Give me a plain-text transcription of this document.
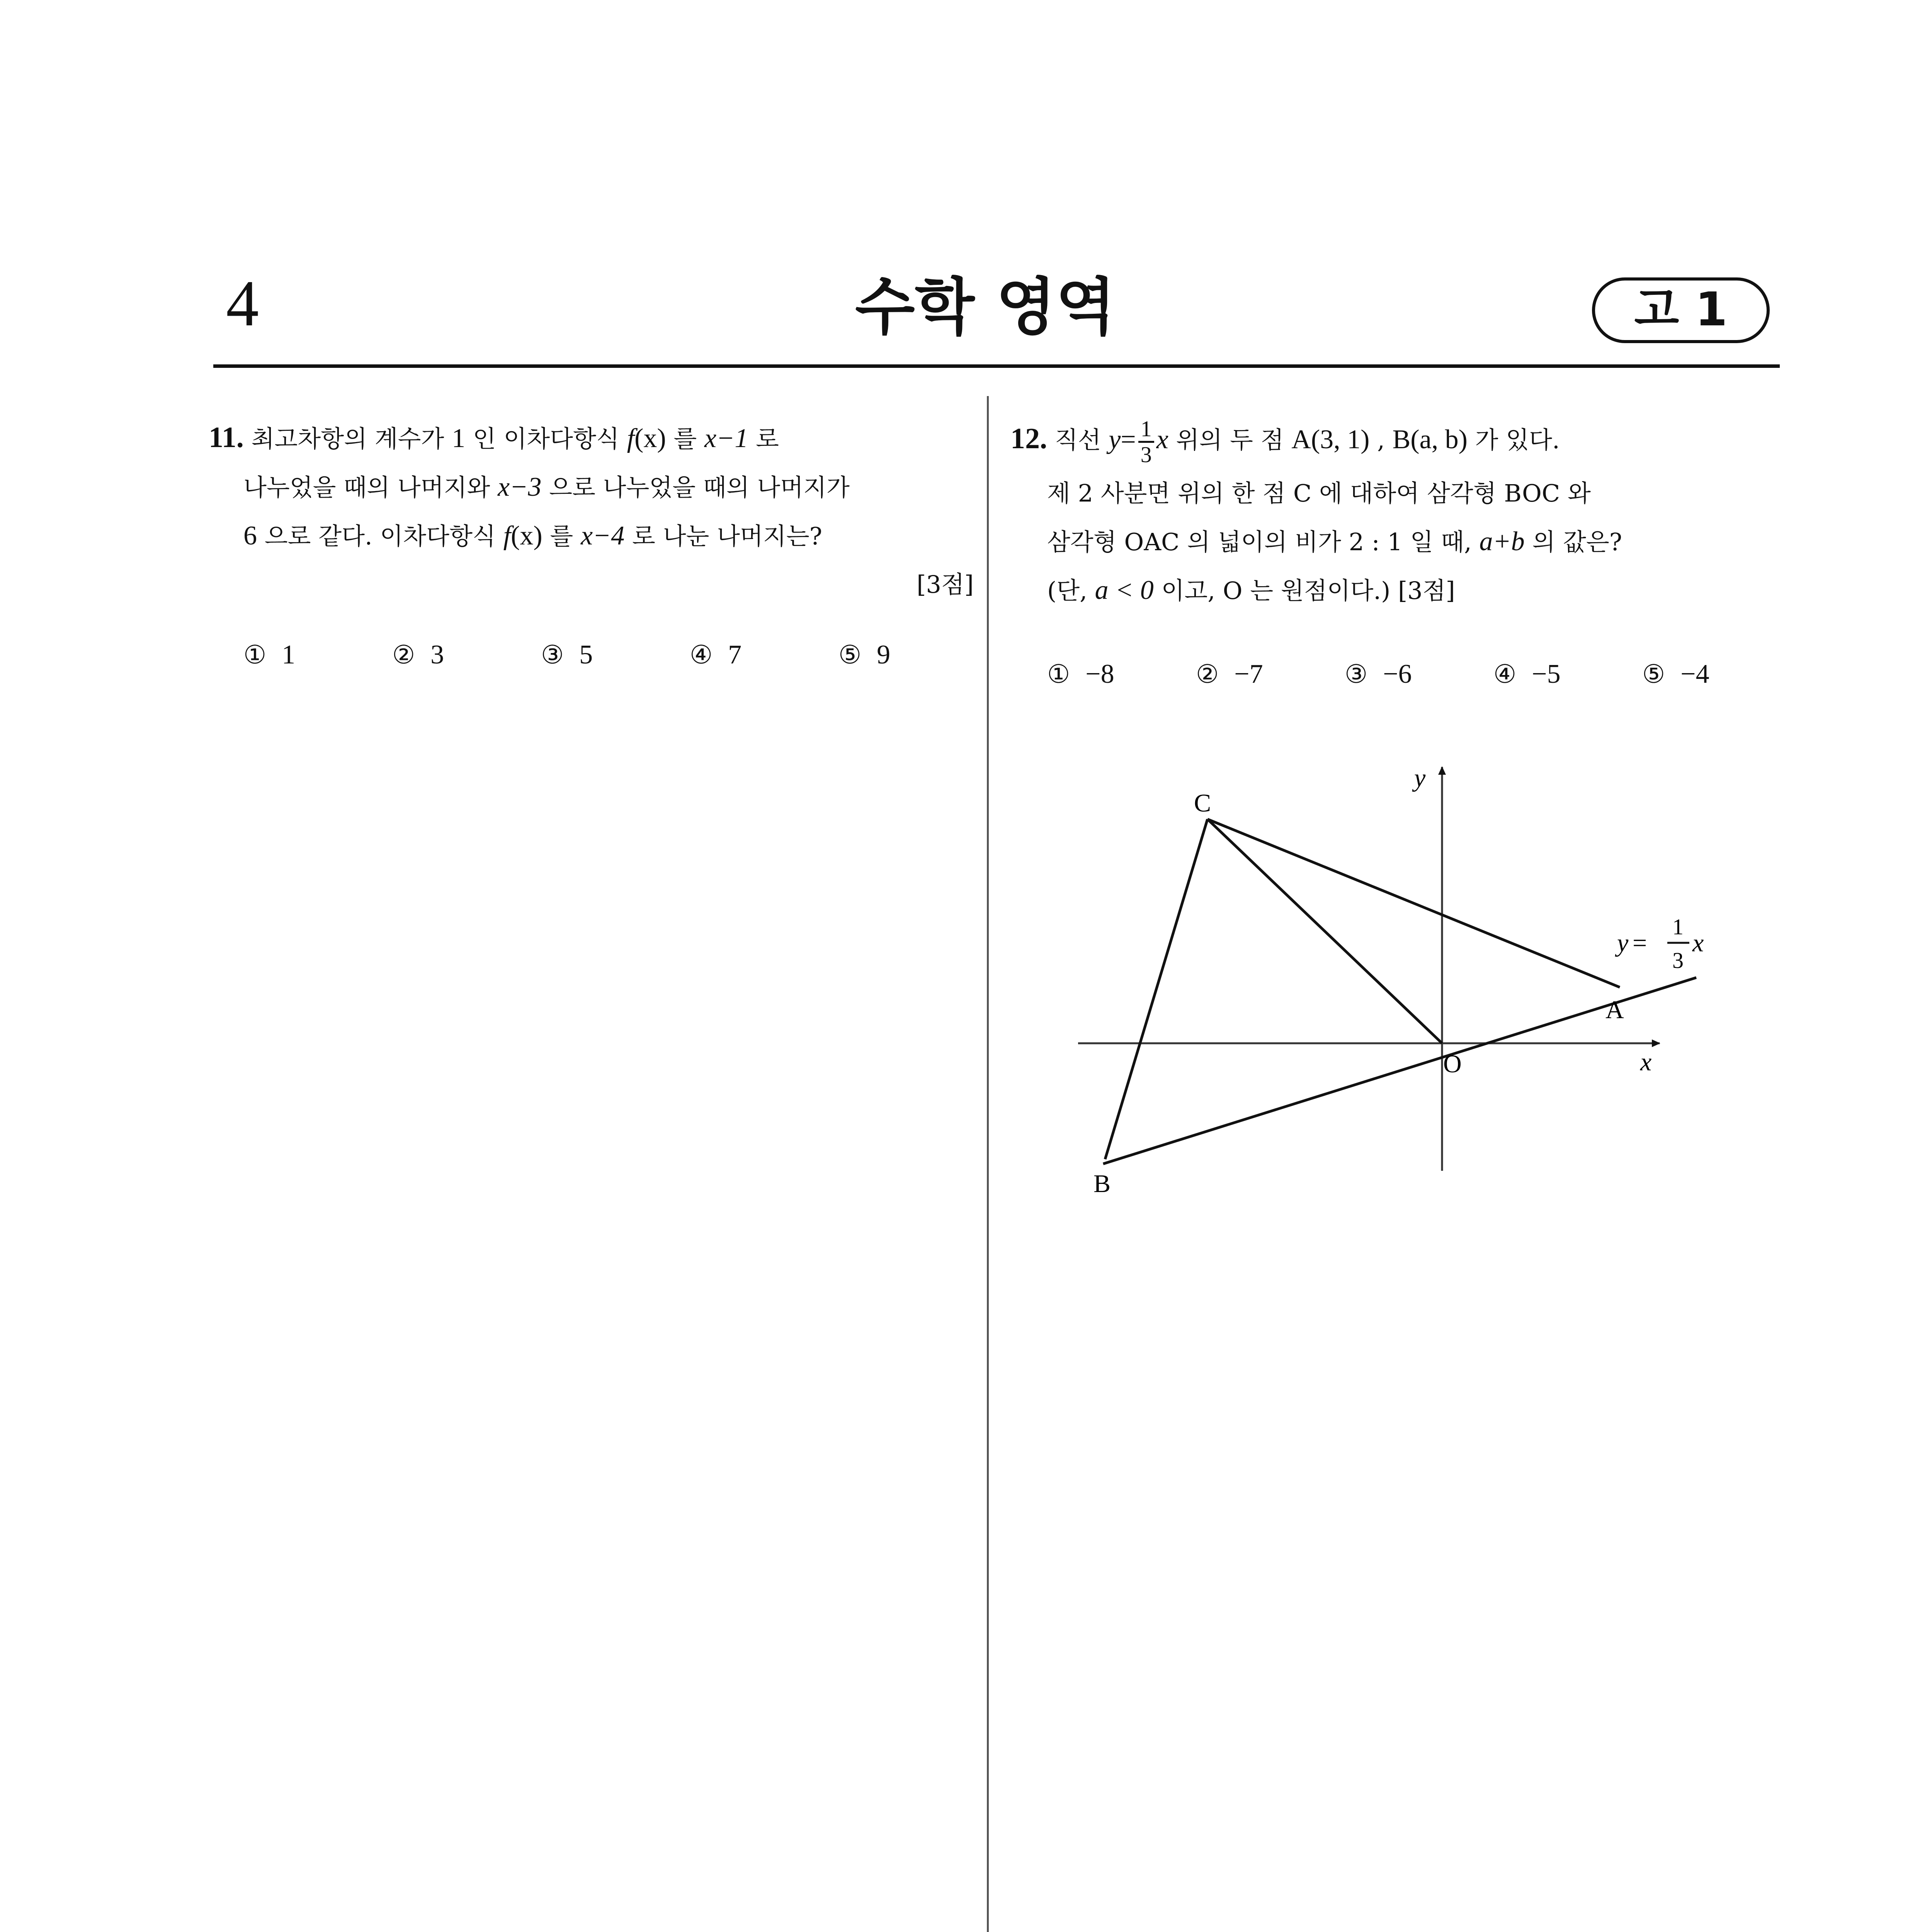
4	수학 영역	고 1
11. 최고차항의 계수가 1 인 이차다항식 f(x) 를 x−1 로
나누었을 때의 나머지와 x−3 으로 나누었을 때의 나머지가
6 으로 같다. 이차다항식 f(x) 를 x−4 로 나눈 나머지는?
[3점]
① 1	② 3	③ 5	④ 7	⑤ 9
12. 직선 $y= \frac{1}{3}$ x 위의 두 점 A(3, 1) , B(a, b) 가 있다.
제 2 사분면 위의 한 점 C 에 대하여 삼각형 BOC 와
삼각형 OAC 의 넓이의 비가 2 : 1 일 때, a+b 의 값은?
(단, a < 0 이고, O 는 원점이다.) [3점]
① −8	② −7	③ −6	④ −5	⑤ −4
C
A
B
O	x
y
y =
1
3
x
